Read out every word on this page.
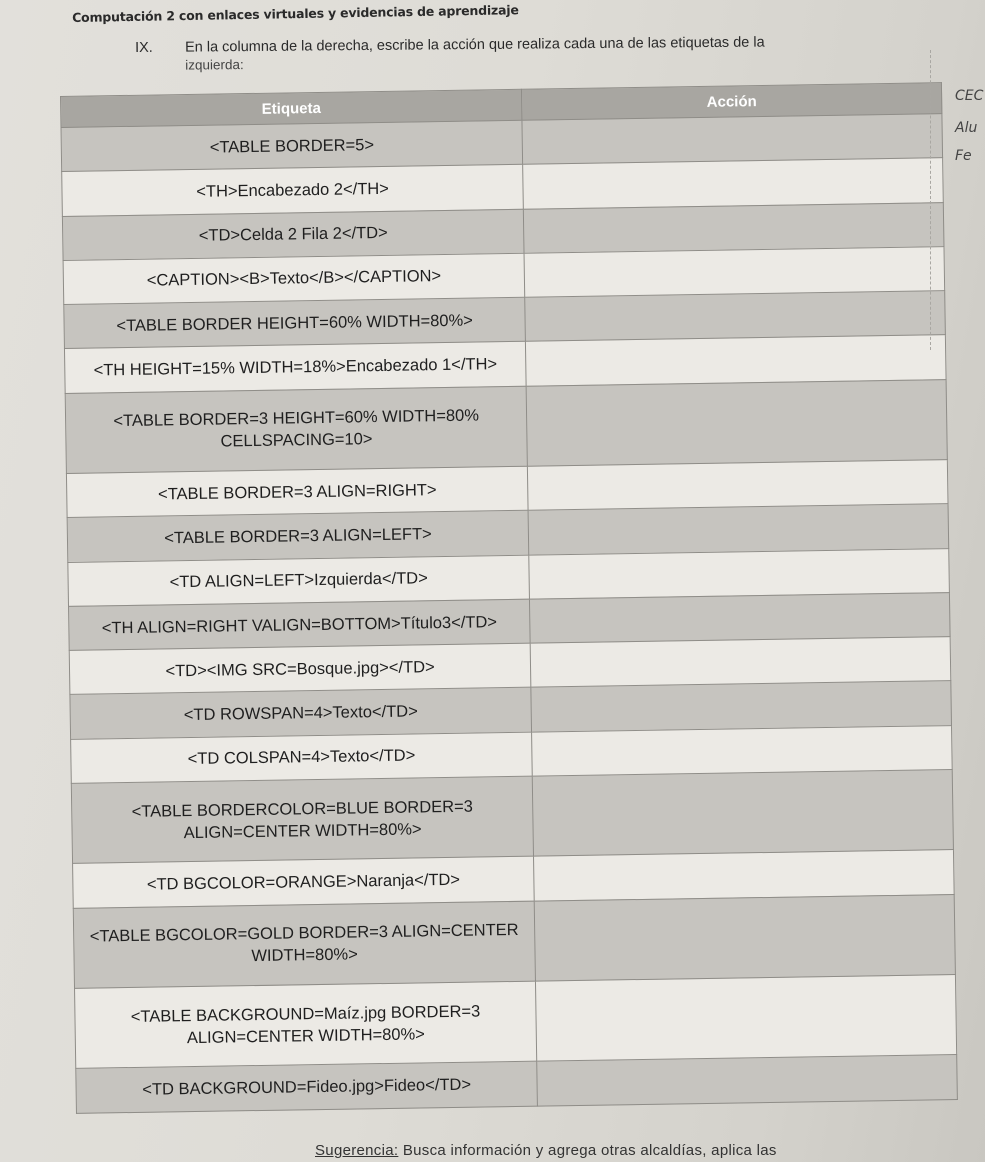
Computación 2 con enlaces virtuales y evidencias de aprendizaje
IX. En la columna de la derecha, escribe la acción que realiza cada una de las etiquetas de la
izquierda:
Etiqueta	Acción
<TABLE BORDER=5>	
<TH>Encabezado 2</TH>	
<TD>Celda 2 Fila 2</TD>	
<CAPTION><B>Texto</B></CAPTION>	
<TABLE BORDER HEIGHT=60% WIDTH=80%>	
<TH HEIGHT=15% WIDTH=18%>Encabezado 1</TH>	
<TABLE BORDER=3 HEIGHT=60% WIDTH=80% CELLSPACING=10>	
<TABLE BORDER=3 ALIGN=RIGHT>	
<TABLE BORDER=3 ALIGN=LEFT>	
<TD ALIGN=LEFT>Izquierda</TD>	
<TH ALIGN=RIGHT VALIGN=BOTTOM>Título3</TD>	
<TD><IMG SRC=Bosque.jpg></TD>	
<TD ROWSPAN=4>Texto</TD>	
<TD COLSPAN=4>Texto</TD>	
<TABLE BORDERCOLOR=BLUE BORDER=3 ALIGN=CENTER WIDTH=80%>	
<TD BGCOLOR=ORANGE>Naranja</TD>	
<TABLE BGCOLOR=GOLD BORDER=3 ALIGN=CENTER WIDTH=80%>	
<TABLE BACKGROUND=Maíz.jpg BORDER=3 ALIGN=CENTER WIDTH=80%>	
<TD BACKGROUND=Fideo.jpg>Fideo</TD>	
CEC
Alu
Fe
Sugerencia: Busca información y agrega otras alcaldías, aplica las
